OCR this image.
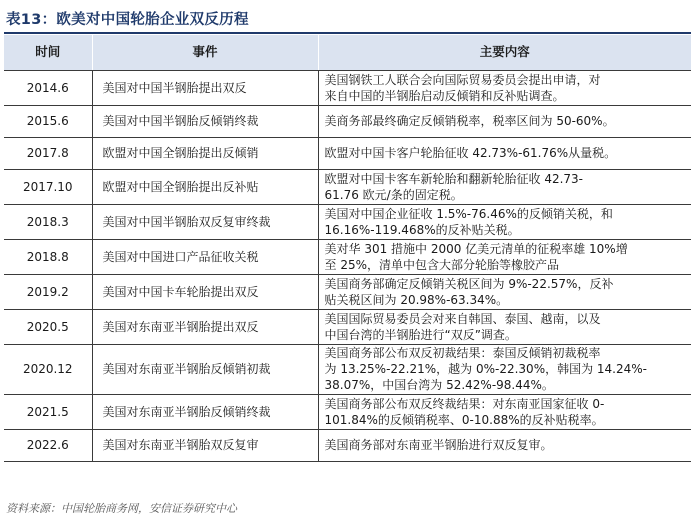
表13：欧美对中国轮胎企业双反历程
时间	事件	主要内容
2014.6	美国对中国半钢胎提出双反	美国钢铁工人联合会向国际贸易委员会提出申请，对
来自中国的半钢胎启动反倾销和反补贴调查。

2015.6	美国对中国半钢胎反倾销终裁	美商务部最终确定反倾销税率，税率区间为 50-60%。

2017.8	欧盟对中国全钢胎提出反倾销	欧盟对中国卡客户轮胎征收 42.73%-61.76%从量税。

2017.10	欧盟对中国全钢胎提出反补贴	欧盟对中国卡客车新轮胎和翻新轮胎征收 42.73-
61.76 欧元/条的固定税。

2018.3	美国对中国半钢胎双反复审终裁	美国对中国企业征收 1.5%-76.46%的反倾销关税，和
16.16%-119.468%的反补贴关税。

2018.8	美国对中国进口产品征收关税	美对华 301 措施中 2000 亿美元清单的征税率雄 10%增
至 25%，清单中包含大部分轮胎等橡胶产品

2019.2	美国对中国卡车轮胎提出双反	美国商务部确定反倾销关税区间为 9%-22.57%，反补
贴关税区间为 20.98%-63.34%。

2020.5	美国对东南亚半钢胎提出双反	美国国际贸易委员会对来自韩国、泰国、越南，以及
中国台湾的半钢胎进行“双反”调查。

2020.12	美国对东南亚半钢胎反倾销初裁	美国商务部公布双反初裁结果：泰国反倾销初裁税率
为 13.25%-22.21%，越为 0%-22.30%，韩国为 14.24%-
38.07%，中国台湾为 52.42%-98.44%。

2021.5	美国对东南亚半钢胎反倾销终裁	美国商务部公布双反终裁结果：对东南亚国家征收 0-
101.84%的反倾销税率、0-10.88%的反补贴税率。

2022.6	美国对东南亚半钢胎双反复审	美国商务部对东南亚半钢胎进行双反复审。
资料来源：中国轮胎商务网，安信证券研究中心
